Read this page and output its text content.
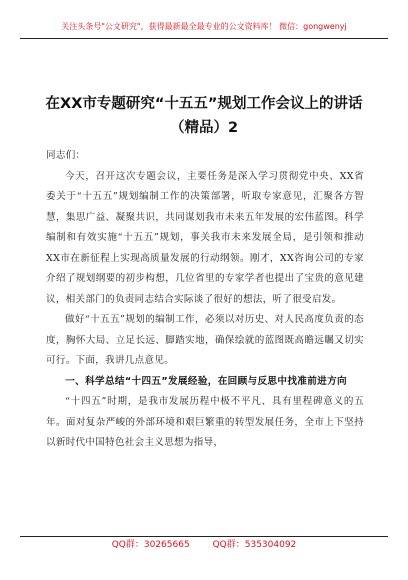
关注头条号"公文研究"，获得最新最全最专业的公文资料库！ 微信：gongwenyj
在XX市专题研究“十五五”规划工作会议上的讲话（精品）2

同志们：

今天，召开这次专题会议，主要任务是深入学习贯彻党中央、XX省委关于“十五五”规划编制工作的决策部署，听取专家意见，汇聚各方智慧，集思广益、凝聚共识，共同谋划我市未来五年发展的宏伟蓝图。科学编制和有效实施“十五五”规划，事关我市未来发展全局，是引领和推动XX市在新征程上实现高质量发展的行动纲领。刚才，XX咨询公司的专家介绍了规划纲要的初步构想，几位省里的专家学者也提出了宝贵的意见建议，相关部门的负责同志结合实际谈了很好的想法，听了很受启发。

做好“十五五”规划的编制工作，必须以对历史、对人民高度负责的态度，胸怀大局、立足长远、脚踏实地，确保绘就的蓝图既高瞻远瞩又切实可行。下面，我讲几点意见。

一、科学总结“十四五”发展经验，在回顾与反思中找准前进方向

“十四五”时期，是我市发展历程中极不平凡、具有里程碑意义的五年。面对复杂严峻的外部环境和艰巨繁重的转型发展任务，全市上下坚持以新时代中国特色社会主义思想为指导，

QQ群：30265665	QQ群：535304092
